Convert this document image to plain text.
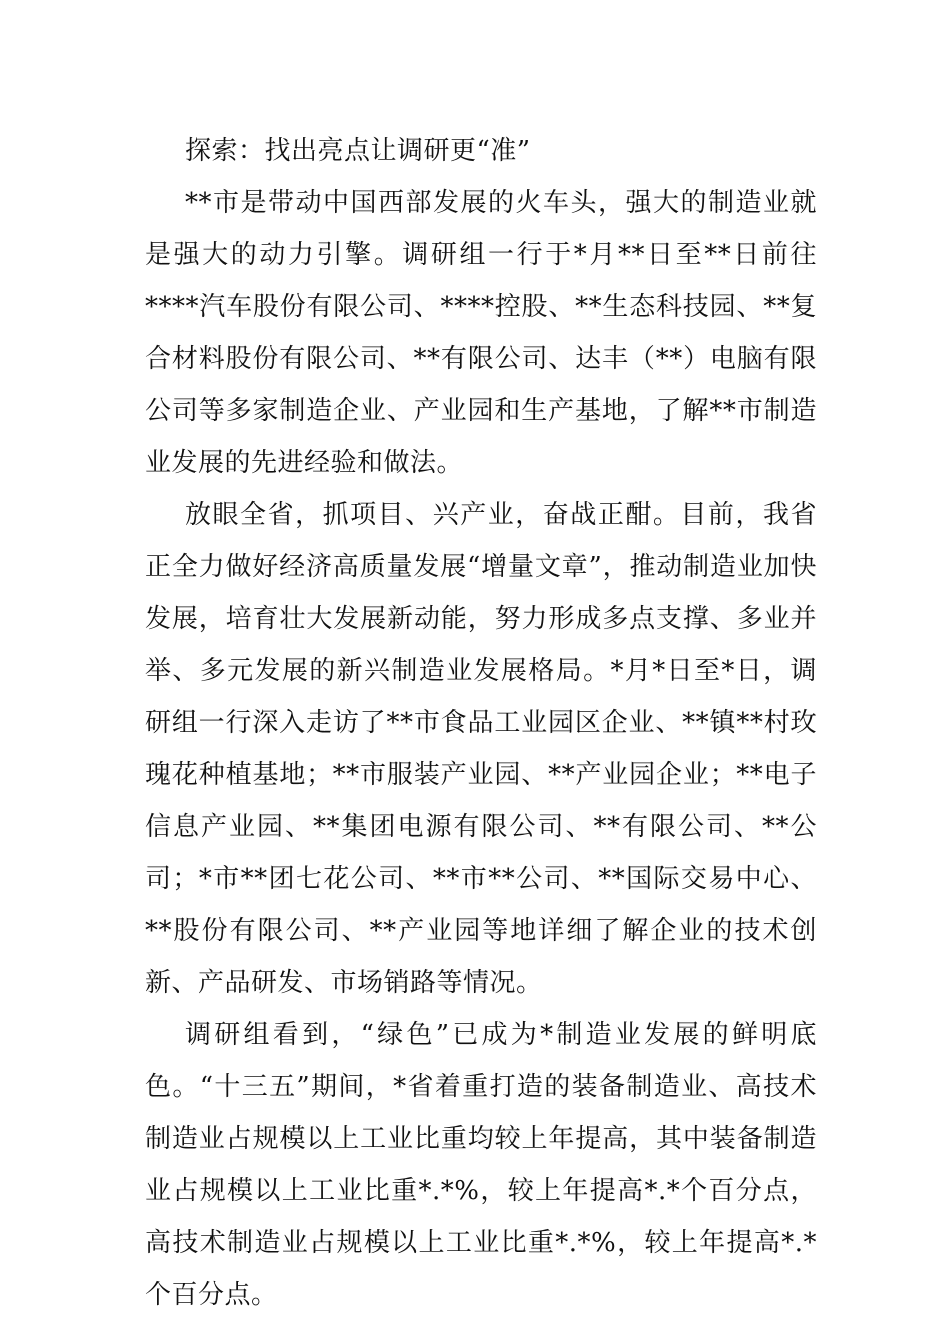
探索：找出亮点让调研更“准”

**市是带动中国西部发展的火车头，强大的制造业就是强大的动力引擎。调研组一行于*月**日至**日前往****汽车股份有限公司、****控股、**生态科技园、**复合材料股份有限公司、**有限公司、达丰（**）电脑有限公司等多家制造企业、产业园和生产基地，了解**市制造业发展的先进经验和做法。

放眼全省，抓项目、兴产业，奋战正酣。目前，我省正全力做好经济高质量发展“增量文章”，推动制造业加快发展，培育壮大发展新动能，努力形成多点支撑、多业并举、多元发展的新兴制造业发展格局。*月*日至*日，调研组一行深入走访了**市食品工业园区企业、**镇**村玫瑰花种植基地；**市服装产业园、**产业园企业；**电子信息产业园、**集团电源有限公司、**有限公司、**公司；*市**团七花公司、**市**公司、**国际交易中心、**股份有限公司、**产业园等地详细了解企业的技术创新、产品研发、市场销路等情况。

调研组看到，“绿色”已成为*制造业发展的鲜明底色。“十三五”期间，*省着重打造的装备制造业、高技术制造业占规模以上工业比重均较上年提高，其中装备制造业占规模以上工业比重*.*%，较上年提高*.*个百分点，高技术制造业占规模以上工业比重*.*%，较上年提高*.*个百分点。
